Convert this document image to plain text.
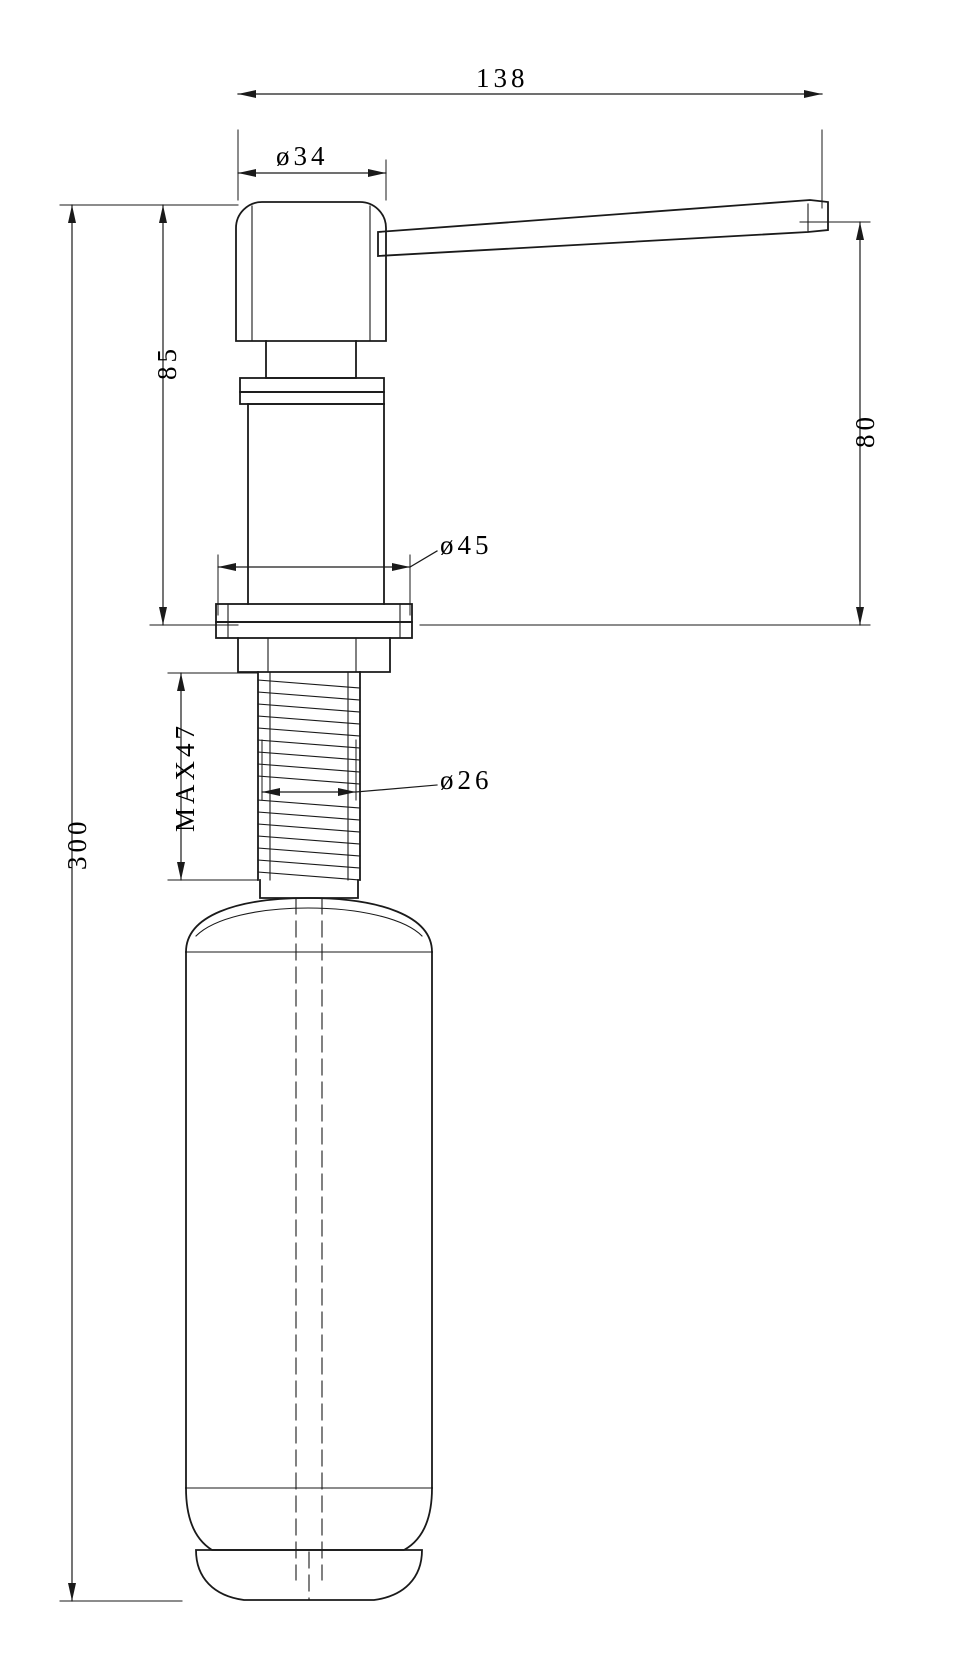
138
ø34
85
80
ø45
MAX47	ø26
300
